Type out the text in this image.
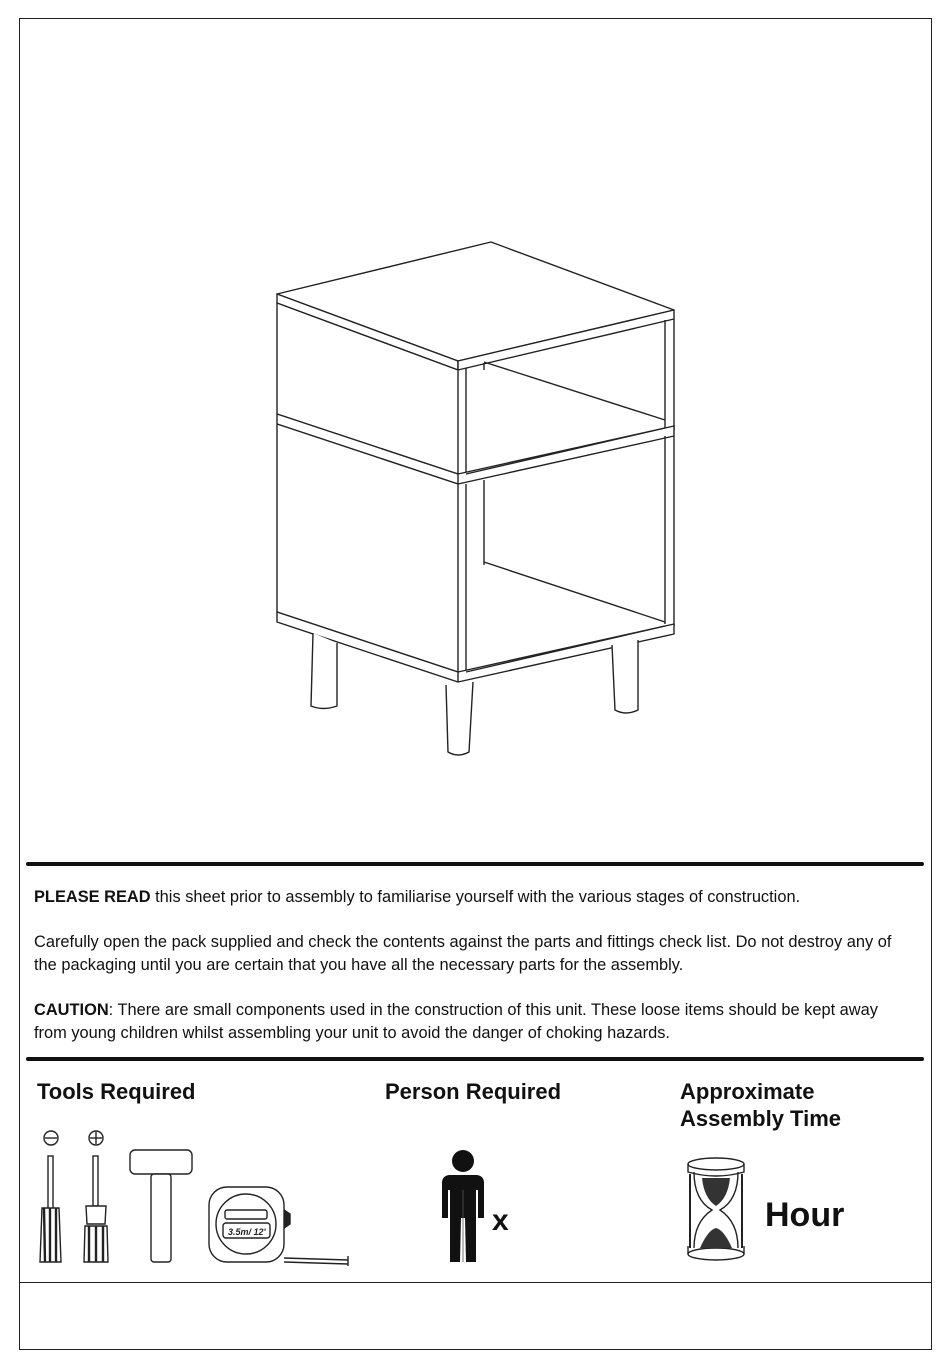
PLEASE READ this sheet prior to assembly to familiarise yourself with the various stages of construction.

Carefully open the pack supplied and check the contents against the parts and fittings check list. Do not destroy any of the packaging until you are certain that you have all the necessary parts for the assembly.

CAUTION: There are small components used in the construction of this unit. These loose items should be kept away from young children whilst assembling your unit to avoid the danger of choking hazards.

Tools Required
3.5m/ 12'
Person Required
x
Approximate
Assembly Time
Hour
